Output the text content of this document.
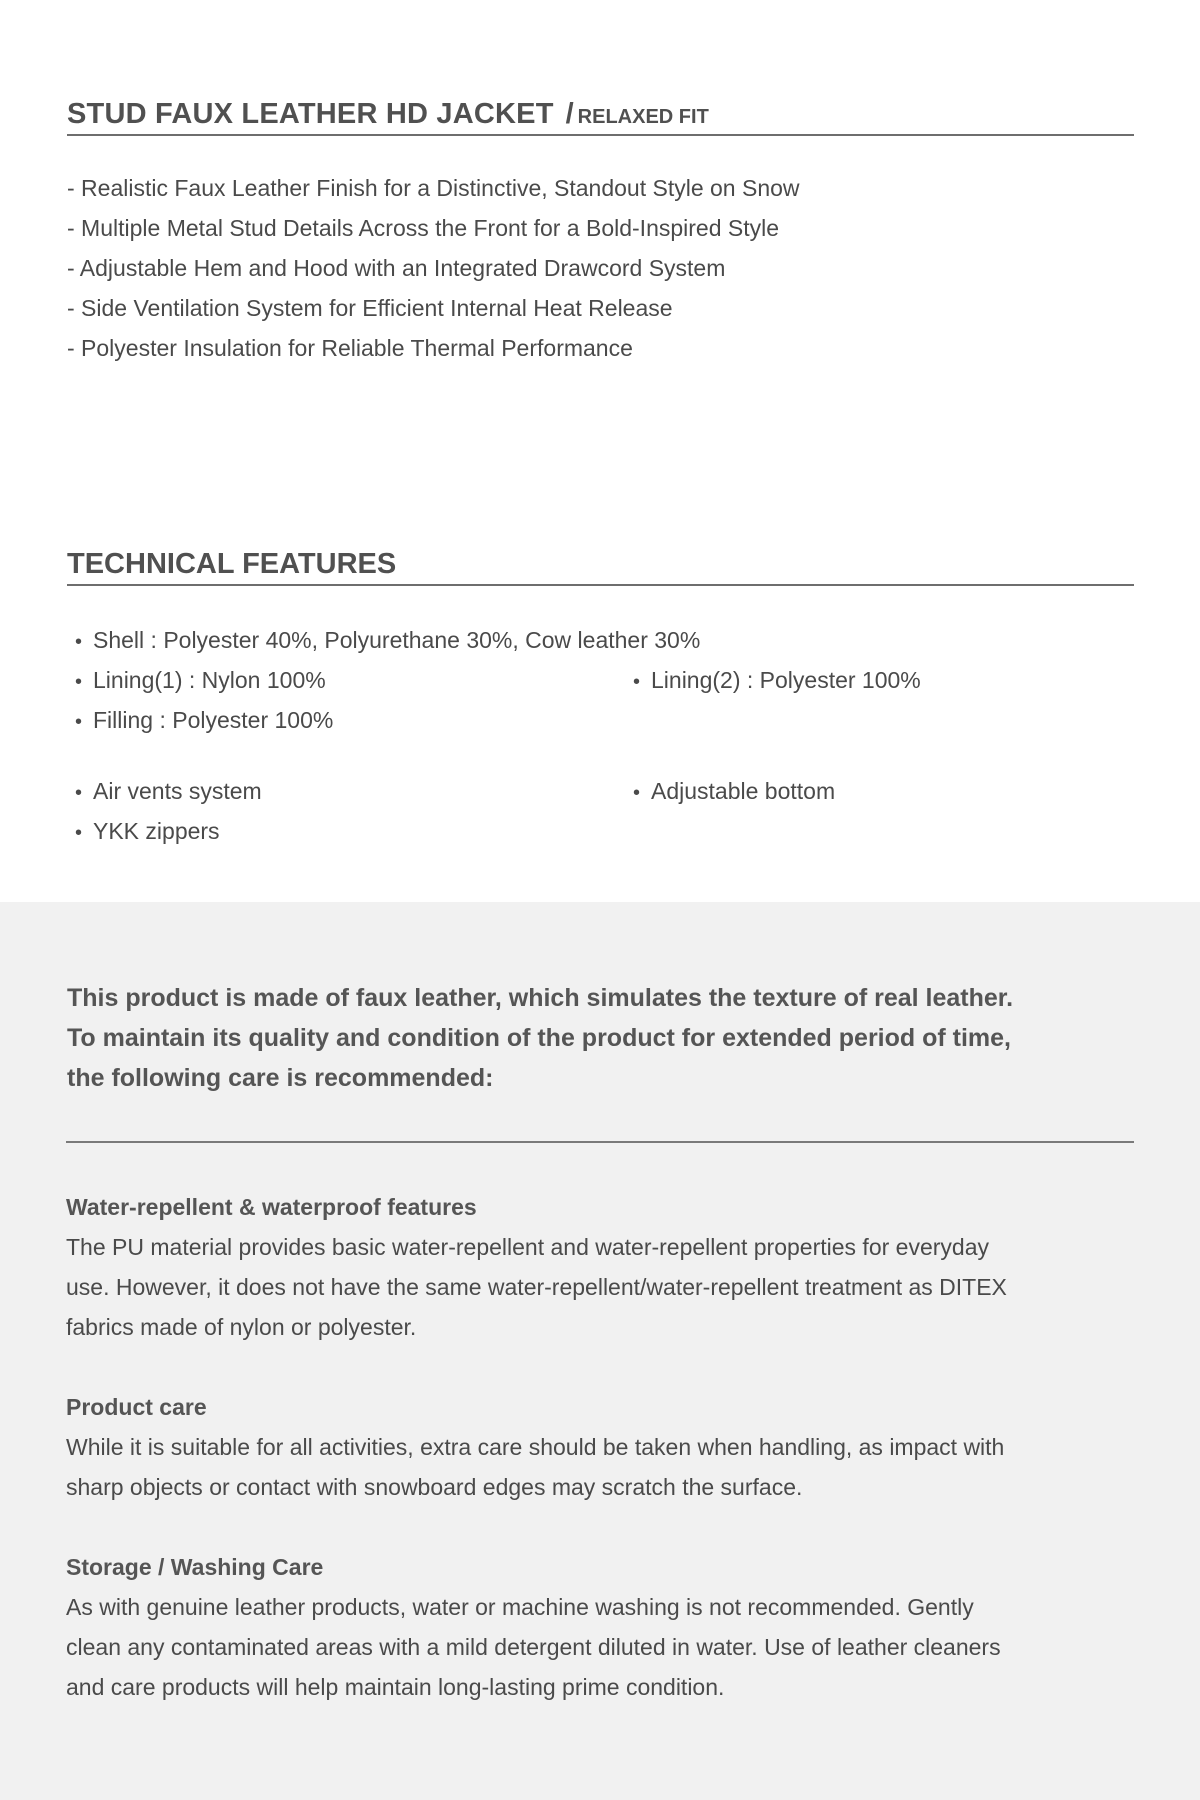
STUD FAUX LEATHER HD JACKET / RELAXED FIT
- Realistic Faux Leather Finish for a Distinctive, Standout Style on Snow
- Multiple Metal Stud Details Across the Front for a Bold-Inspired Style
- Adjustable Hem and Hood with an Integrated Drawcord System
- Side Ventilation System for Efficient Internal Heat Release
- Polyester Insulation for Reliable Thermal Performance
TECHNICAL FEATURES
• Shell : Polyester 40%, Polyurethane 30%, Cow leather 30%
• Lining(1) : Nylon 100%	• Lining(2) : Polyester 100%
• Filling : Polyester 100%
• Air vents system	• Adjustable bottom
• YKK zippers
This product is made of faux leather, which simulates the texture of real leather.
To maintain its quality and condition of the product for extended period of time,
the following care is recommended:
Water-repellent & waterproof features
The PU material provides basic water-repellent and water-repellent properties for everyday
use. However, it does not have the same water-repellent/water-repellent treatment as DITEX
fabrics made of nylon or polyester.
Product care
While it is suitable for all activities, extra care should be taken when handling, as impact with
sharp objects or contact with snowboard edges may scratch the surface.
Storage / Washing Care
As with genuine leather products, water or machine washing is not recommended. Gently
clean any contaminated areas with a mild detergent diluted in water. Use of leather cleaners
and care products will help maintain long-lasting prime condition.
